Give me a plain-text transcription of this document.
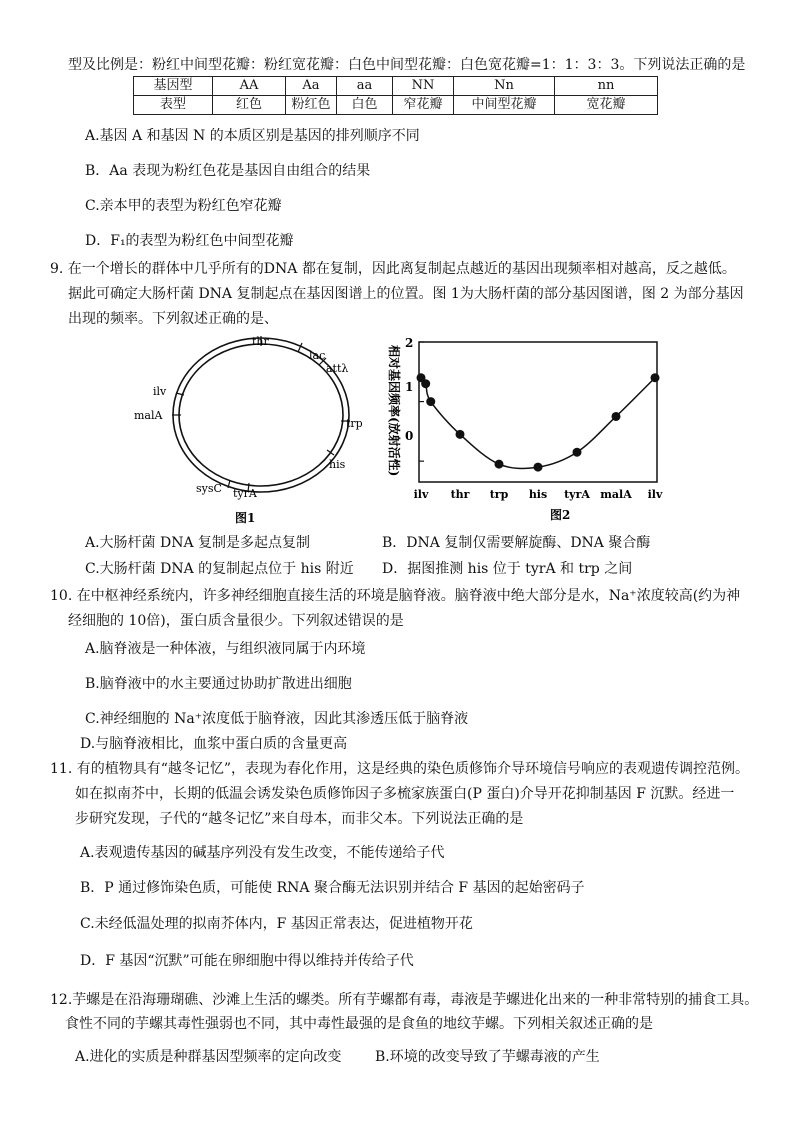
型及比例是：粉红中间型花瓣：粉红宽花瓣：白色中间型花瓣：白色宽花瓣=1：1：3：3。下列说法正确的是
基因型	AA	Aa	aa	NN	Nn	nn
表型	红色	粉红色	白色	窄花瓣	中间型花瓣	宽花瓣
A.基因 A 和基因 N 的本质区别是基因的排列顺序不同
B．Aa 表现为粉红色花是基因自由组合的结果
C.亲本甲的表型为粉红色窄花瓣
D．F₁的表型为粉红色中间型花瓣
9. 在一个增长的群体中几乎所有的DNA 都在复制，因此离复制起点越近的基因出现频率相对越高，反之越低。
据此可确定大肠杆菌 DNA 复制起点在基因图谱上的位置。图 1为大肠杆菌的部分基因图谱，图 2 为部分基因
出现的频率。下列叙述正确的是、
thr
lac
attλ
trp
his
tyrA
sysC
malA
ilv
图1
相对基因频率(放射活性)
2
1
0
ilv thr trp his tyrA malA ilv
图2
A.大肠杆菌 DNA 复制是多起点复制	B．DNA 复制仅需要解旋酶、DNA 聚合酶
C.大肠杆菌 DNA 的复制起点位于 his 附近 D．据图推测 his 位于 tyrA 和 trp 之间
10. 在中枢神经系统内，许多神经细胞直接生活的环境是脑脊液。脑脊液中绝大部分是水，Na⁺浓度较高(约为神
经细胞的 10倍)，蛋白质含量很少。下列叙述错误的是
A.脑脊液是一种体液，与组织液同属于内环境
B.脑脊液中的水主要通过协助扩散进出细胞
C.神经细胞的 Na⁺浓度低于脑脊液，因此其渗透压低于脑脊液
D.与脑脊液相比，血浆中蛋白质的含量更高
11. 有的植物具有“越冬记忆”，表现为春化作用，这是经典的染色质修饰介导环境信号响应的表观遗传调控范例。
如在拟南芥中，长期的低温会诱发染色质修饰因子多梳家族蛋白(P 蛋白)介导开花抑制基因 F 沉默。经进一
步研究发现，子代的“越冬记忆”来自母本，而非父本。下列说法正确的是
A.表观遗传基因的碱基序列没有发生改变，不能传递给子代
B．P 通过修饰染色质，可能使 RNA 聚合酶无法识别并结合 F 基因的起始密码子
C.未经低温处理的拟南芥体内，F 基因正常表达，促进植物开花
D．F 基因“沉默”可能在卵细胞中得以维持并传给子代
12.芋螺是在沿海珊瑚礁、沙滩上生活的螺类。所有芋螺都有毒，毒液是芋螺进化出来的一种非常特别的捕食工具。
食性不同的芋螺其毒性强弱也不同，其中毒性最强的是食鱼的地纹芋螺。下列相关叙述正确的是
A.进化的实质是种群基因型频率的定向改变 B.环境的改变导致了芋螺毒液的产生
